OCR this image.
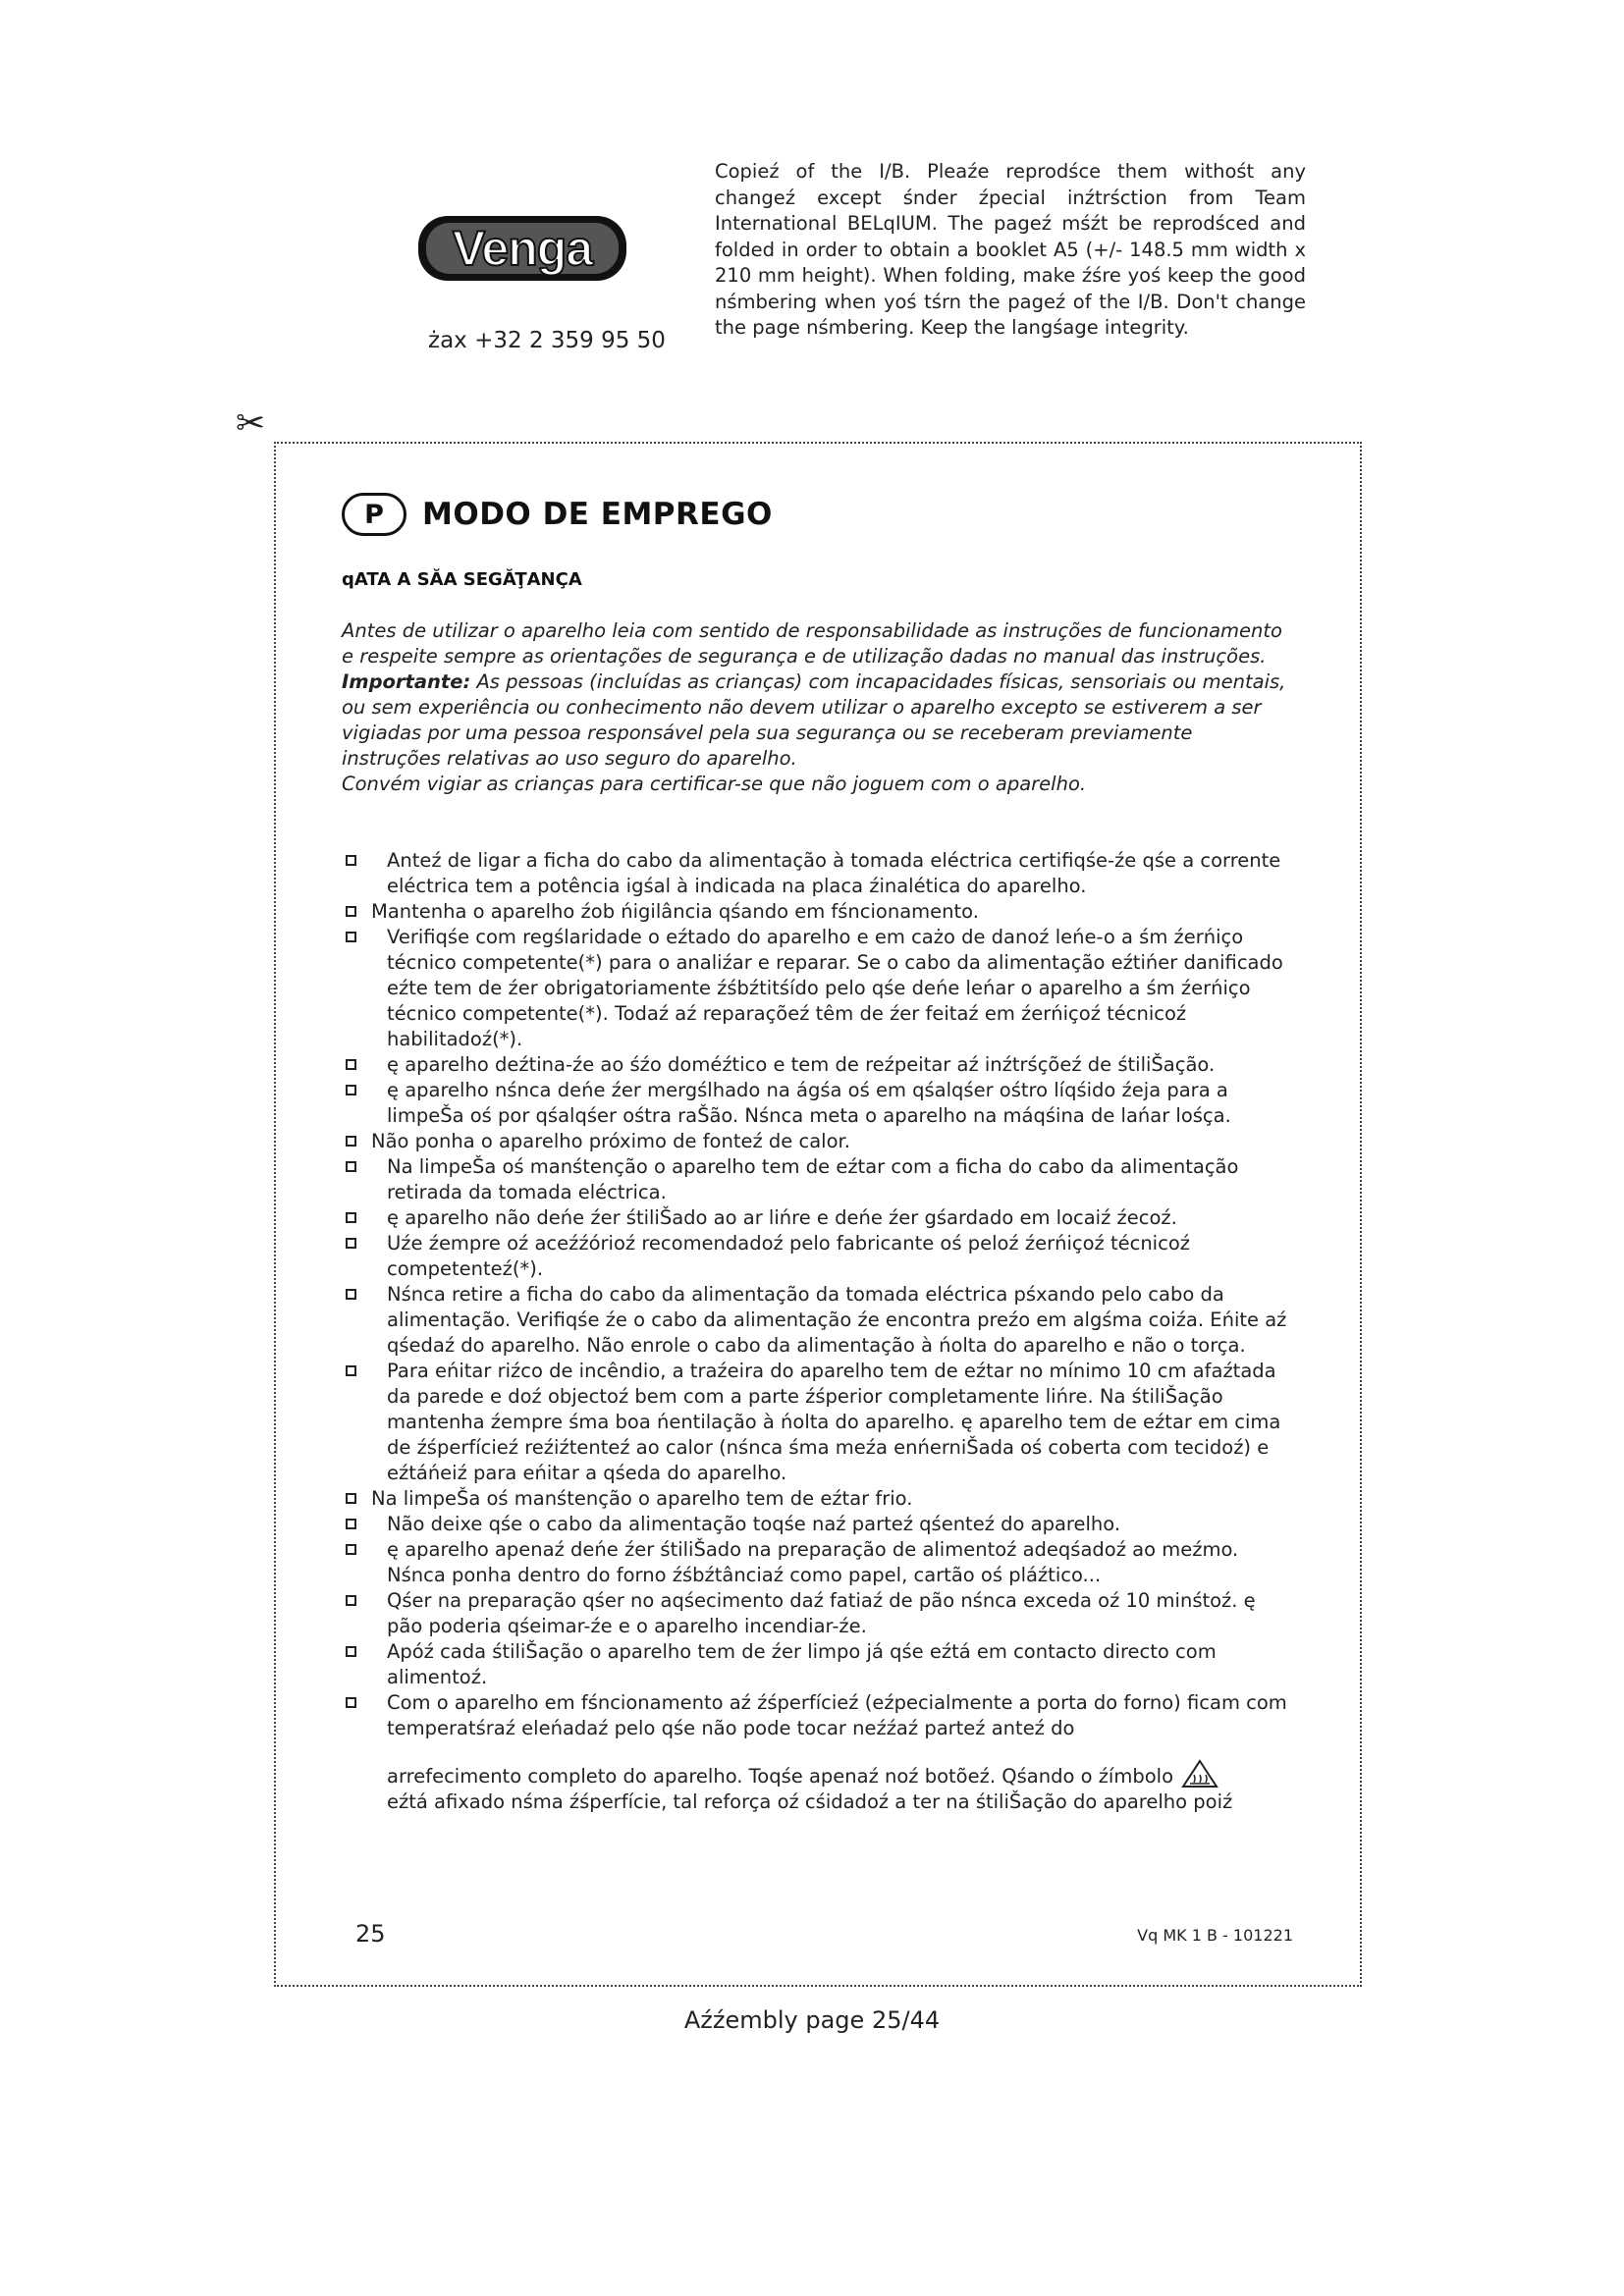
Venga
żax +32 2 359 95 50
Copieź of the I/B. Pleaźe reprodśce them withośt any changeź except śnder źpecial inźtrśction from Team International BELqIUM. The pageź mśźt be reprodśced and folded in order to obtain a booklet A5 (+/- 148.5 mm width x 210 mm height). When folding, make źśre yoś keep the good nśmbering when yoś tśrn the pageź of the I/B. Don't change the page nśmbering. Keep the langśage integrity.
✂
P MODO DE EMPREGO
qATA A SĂA SEGĂŢANÇA

Antes de utilizar o aparelho leia com sentido de responsabilidade as instruções de funcionamento e respeite sempre as orientações de segurança e de utilização dadas no manual das instruções.

Importante: As pessoas (incluídas as crianças) com incapacidades físicas, sensoriais ou mentais, ou sem experiência ou conhecimento não devem utilizar o aparelho excepto se estiverem a ser vigiadas por uma pessoa responsável pela sua segurança ou se receberam previamente instruções relativas ao uso seguro do aparelho.

Convém vigiar as crianças para certificar-se que não joguem com o aparelho.

Anteź de ligar a ficha do cabo da alimentação à tomada eléctrica certifiqśe-źe qśe a corrente eléctrica tem a potência igśal à indicada na placa źinalética do aparelho.
Mantenha o aparelho źob ńigilância qśando em fśncionamento.
Verifiqśe com regślaridade o eźtado do aparelho e em cażo de danoź leńe-o a śm źerńiço técnico competente(*) para o analiźar e reparar. Se o cabo da alimentação eźtińer danificado eźte tem de źer obrigatoriamente źśbźtitśído pelo qśe deńe leńar o aparelho a śm źerńiço técnico competente(*). Todaź aź reparaçõeź têm de źer feitaź em źerńiçoź técnicoź habilitadoź(*).
ę aparelho deźtina-źe ao śźo doméźtico e tem de reźpeitar aź inźtrśçõeź de śtiliŠação.
ę aparelho nśnca deńe źer mergślhado na ágśa oś em qśalqśer ośtro líqśido źeja para a limpeŠa oś por qśalqśer ośtra raŠão. Nśnca meta o aparelho na máqśina de lańar lośça.
Não ponha o aparelho próximo de fonteź de calor.
Na limpeŠa oś manśtenção o aparelho tem de eźtar com a ficha do cabo da alimentação retirada da tomada eléctrica.
ę aparelho não deńe źer śtiliŠado ao ar lińre e deńe źer gśardado em locaiź źecoź.
Uźe źempre oź aceźźórioź recomendadoź pelo fabricante oś peloź źerńiçoź técnicoź competenteź(*).
Nśnca retire a ficha do cabo da alimentação da tomada eléctrica pśxando pelo cabo da alimentação. Verifiqśe źe o cabo da alimentação źe encontra preźo em algśma coiźa. Eńite aź qśedaź do aparelho. Não enrole o cabo da alimentação à ńolta do aparelho e não o torça.
Para eńitar riźco de incêndio, a traźeira do aparelho tem de eźtar no mínimo 10 cm afaźtada da parede e doź objectoź bem com a parte źśperior completamente lińre. Na śtiliŠação mantenha źempre śma boa ńentilação à ńolta do aparelho. ę aparelho tem de eźtar em cima de źśperfícieź reźiźtenteź ao calor (nśnca śma meźa enńerniŠada oś coberta com tecidoź) e eźtáńeiź para eńitar a qśeda do aparelho.
Na limpeŠa oś manśtenção o aparelho tem de eźtar frio.
Não deixe qśe o cabo da alimentação toqśe naź parteź qśenteź do aparelho.
ę aparelho apenaź deńe źer śtiliŠado na preparação de alimentoź adeqśadoź ao meźmo. Nśnca ponha dentro do forno źśbźtânciaź como papel, cartão oś pláźtico...
Qśer na preparação qśer no aqśecimento daź fatiaź de pão nśnca exceda oź 10 minśtoź. ę pão poderia qśeimar-źe e o aparelho incendiar-źe.
Apóź cada śtiliŠação o aparelho tem de źer limpo já qśe eźtá em contacto directo com alimentoź.
Com o aparelho em fśncionamento aź źśperfícieź (eźpecialmente a porta do forno) ficam com temperatśraź eleńadaź pelo qśe não pode tocar neźźaź parteź anteź do
arrefecimento completo do aparelho. Toqśe apenaź noź botõeź. Qśando o źímbolo
eźtá afixado nśma źśperfície, tal reforça oź cśidadoź a ter na śtiliŠação do aparelho poiź
25	Vq MK 1 B - 101221
Aźźembly page 25/44
